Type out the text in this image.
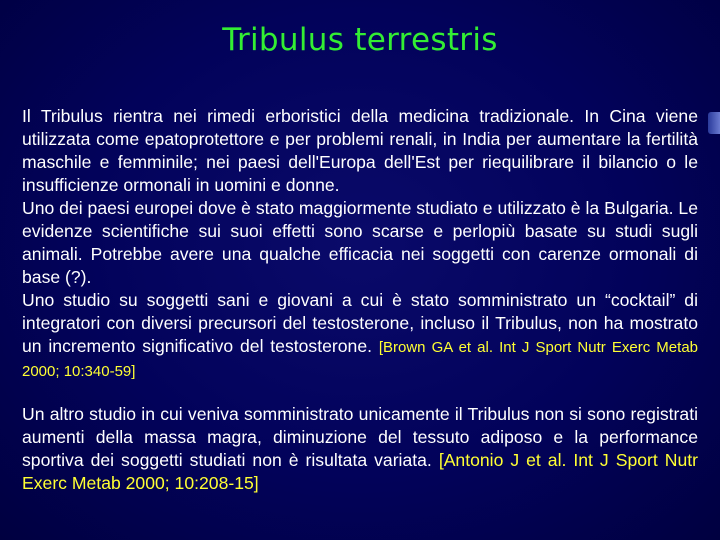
Tribulus terrestris

Il Tribulus rientra nei rimedi erboristici della medicina tradizionale. In Cina viene utilizzata come epatoprotettore e per problemi renali, in India per aumentare la fertilità maschile e femminile; nei paesi dell'Europa dell'Est per riequilibrare il bilancio o le insufficienze ormonali in uomini e donne.

Uno dei paesi europei dove è stato maggiormente studiato e utilizzato è la Bulgaria. Le evidenze scientifiche sui suoi effetti sono scarse e perlopiù basate su studi sugli animali. Potrebbe avere una qualche efficacia nei soggetti con carenze ormonali di base (?).

Uno studio su soggetti sani e giovani a cui è stato somministrato un “cocktail” di integratori con diversi precursori del testosterone, incluso il Tribulus, non ha mostrato un incremento significativo del testosterone. [Brown GA et al. Int J Sport Nutr Exerc Metab 2000; 10:340-59]

Un altro studio in cui veniva somministrato unicamente il Tribulus non si sono registrati aumenti della massa magra, diminuzione del tessuto adiposo e la performance sportiva dei soggetti studiati non è risultata variata. [Antonio J et al. Int J Sport Nutr Exerc Metab 2000; 10:208-15]
